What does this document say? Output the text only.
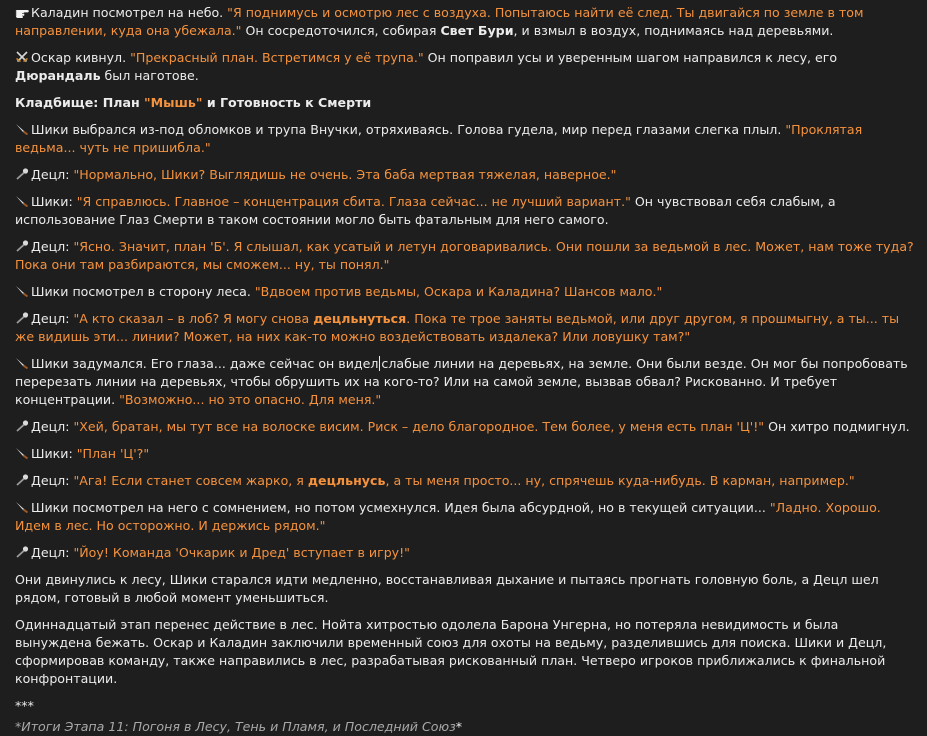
Каладин посмотрел на небо. "Я поднимусь и осмотрю лес с воздуха. Попытаюсь найти её след. Ты двигайся по земле в том направлении, куда она убежала." Он сосредоточился, собирая Свет Бури, и взмыл в воздух, поднимаясь над деревьями.

Оскар кивнул. "Прекрасный план. Встретимся у её трупа." Он поправил усы и уверенным шагом направился к лесу, его Дюрандаль был наготове.

Кладбище: План "Мышь" и Готовность к Смерти

Шики выбрался из-под обломков и трупа Внучки, отряхиваясь. Голова гудела, мир перед глазами слегка плыл. "Проклятая ведьма... чуть не пришибла."

Децл: "Нормально, Шики? Выглядишь не очень. Эта баба мертвая тяжелая, наверное."

Шики: "Я справлюсь. Главное – концентрация сбита. Глаза сейчас... не лучший вариант." Он чувствовал себя слабым, а использование Глаз Смерти в таком состоянии могло быть фатальным для него самого.

Децл: "Ясно. Значит, план 'Б'. Я слышал, как усатый и летун договаривались. Они пошли за ведьмой в лес. Может, нам тоже туда? Пока они там разбираются, мы сможем... ну, ты понял."

Шики посмотрел в сторону леса. "Вдвоем против ведьмы, Оскара и Каладина? Шансов мало."

Децл: "А кто сказал – в лоб? Я могу снова децльнуться. Пока те трое заняты ведьмой, или друг другом, я прошмыгну, а ты... ты же видишь эти... линии? Может, на них как-то можно воздействовать издалека? Или ловушку там?"

Шики задумался. Его глаза... даже сейчас он видел слабые линии на деревьях, на земле. Они были везде. Он мог бы попробовать перерезать линии на деревьях, чтобы обрушить их на кого-то? Или на самой земле, вызвав обвал? Рискованно. И требует концентрации. "Возможно... но это опасно. Для меня."

Децл: "Хей, братан, мы тут все на волоске висим. Риск – дело благородное. Тем более, у меня есть план 'Ц'!" Он хитро подмигнул.

Шики: "План 'Ц'?"

Децл: "Ага! Если станет совсем жарко, я децльнусь, а ты меня просто... ну, спрячешь куда-нибудь. В карман, например."

Шики посмотрел на него с сомнением, но потом усмехнулся. Идея была абсурдной, но в текущей ситуации... "Ладно. Хорошо. Идем в лес. Но осторожно. И держись рядом."

Децл: "Йоу! Команда 'Очкарик и Дред' вступает в игру!"

Они двинулись к лесу, Шики старался идти медленно, восстанавливая дыхание и пытаясь прогнать головную боль, а Децл шел рядом, готовый в любой момент уменьшиться.

Одиннадцатый этап перенес действие в лес. Нойта хитростью одолела Барона Унгерна, но потеряла невидимость и была вынуждена бежать. Оскар и Каладин заключили временный союз для охоты на ведьму, разделившись для поиска. Шики и Децл, сформировав команду, также направились в лес, разрабатывая рискованный план. Четверо игроков приближались к финальной конфронтации.

***

*Итоги Этапа 11: Погоня в Лесу, Тень и Пламя, и Последний Союз*
